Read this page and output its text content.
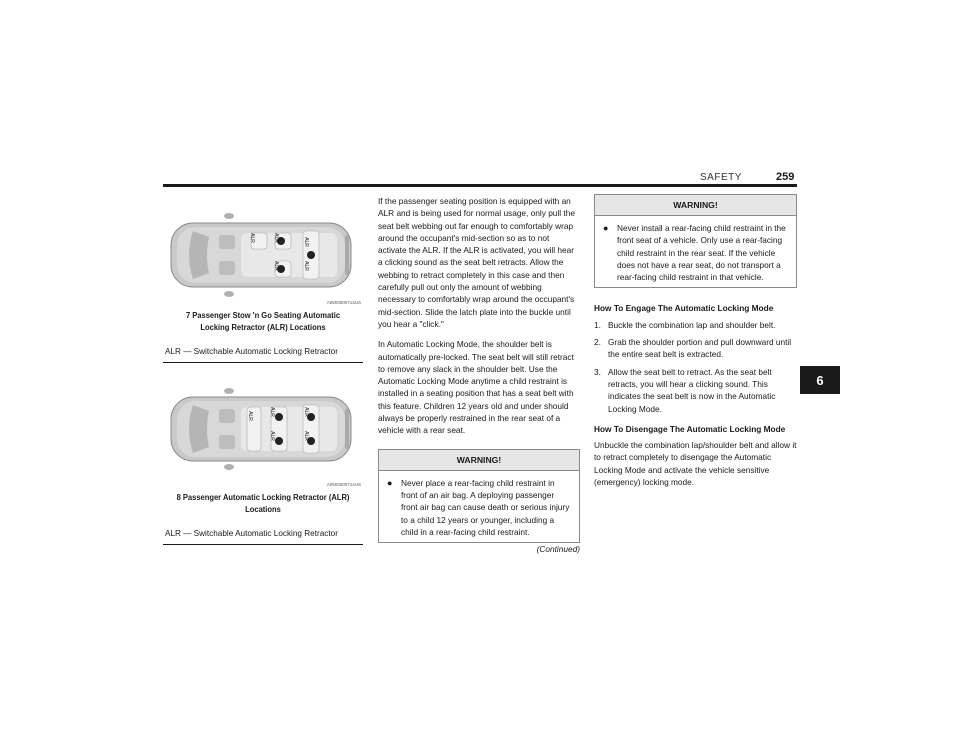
SAFETY	259
6
ALR	ALR
ALR
ALR
ALR
A0503000713US
7 Passenger Stow 'n Go Seating Automatic Locking Retractor (ALR) Locations
ALR — Switchable Automatic Locking Retractor
ALR	ALR
ALR
ALR
ALR
A0503000714US
8 Passenger Automatic Locking Retractor (ALR) Locations
ALR — Switchable Automatic Locking Retractor

If the passenger seating position is equipped with an ALR and is being used for normal usage, only pull the seat belt webbing out far enough to comfortably wrap around the occupant's mid-section so as to not activate the ALR. If the ALR is activated, you will hear a clicking sound as the seat belt retracts. Allow the webbing to retract completely in this case and then carefully pull out only the amount of webbing necessary to comfortably wrap around the occupant's mid-section. Slide the latch plate into the buckle until you hear a "click."

In Automatic Locking Mode, the shoulder belt is automatically pre-locked. The seat belt will still retract to remove any slack in the shoulder belt. Use the Automatic Locking Mode anytime a child restraint is installed in a seating position that has a seat belt with this feature. Children 12 years old and under should always be properly restrained in the rear seat of a vehicle with a rear seat.

WARNING!
●	Never place a rear-facing child restraint in front of an air bag. A deploying passenger front air bag can cause death or serious injury to a child 12 years or younger, including a child in a rear-facing child restraint.
(Continued)
WARNING!
●	Never install a rear-facing child restraint in the front seat of a vehicle. Only use a rear-facing child restraint in the rear seat. If the vehicle does not have a rear seat, do not transport a rear-facing child restraint in that vehicle.
How To Engage The Automatic Locking Mode
1. Buckle the combination lap and shoulder belt.
2. Grab the shoulder portion and pull downward until the entire seat belt is extracted.
3. Allow the seat belt to retract. As the seat belt retracts, you will hear a clicking sound. This indicates the seat belt is now in the Automatic Locking Mode.
How To Disengage The Automatic Locking Mode

Unbuckle the combination lap/shoulder belt and allow it to retract completely to disengage the Automatic Locking Mode and activate the vehicle sensitive (emergency) locking mode.
